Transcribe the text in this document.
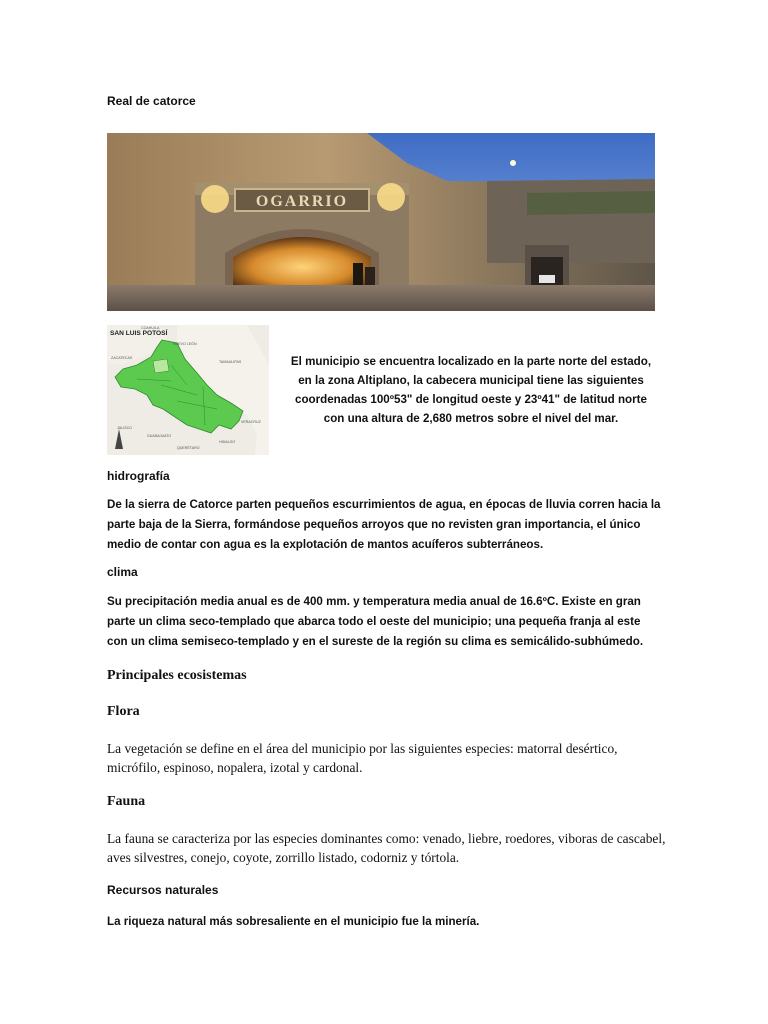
Real de catorce
OGARRIO
SAN LUIS POTOSÍ
COAHUILA
NUEVO LEÓN
ZACATECAS
TAMAULIPAS
VERACRUZ
JALISCO
GUANAJUATO
QUERÉTARO
HIDALGO
El municipio se encuentra localizado en la parte norte del estado, en la zona Altiplano, la cabecera municipal tiene las siguientes coordenadas 100º53" de longitud oeste y 23º41" de latitud norte con una altura de 2,680 metros sobre el nivel del mar.
hidrografía
De la sierra de Catorce parten pequeños escurrimientos de agua, en épocas de lluvia corren hacia la parte baja de la Sierra, formándose pequeños arroyos que no revisten gran importancia, el único medio de contar con agua es la explotación de mantos acuíferos subterráneos.
clima
Su precipitación media anual es de 400 mm. y temperatura media anual de 16.6ºC. Existe en gran parte un clima seco-templado que abarca todo el oeste del municipio; una pequeña franja al este con un clima semiseco-templado y en el sureste de la región su clima es semicálido-subhúmedo.
Principales ecosistemas
Flora
La vegetación se define en el área del municipio por las siguientes especies: matorral desértico, micrófilo, espinoso, nopalera, izotal y cardonal.
Fauna
La fauna se caracteriza por las especies dominantes como: venado, liebre, roedores, viboras de cascabel, aves silvestres, conejo, coyote, zorrillo listado, codorniz y tórtola.
Recursos naturales
La riqueza natural más sobresaliente en el municipio fue la minería.
